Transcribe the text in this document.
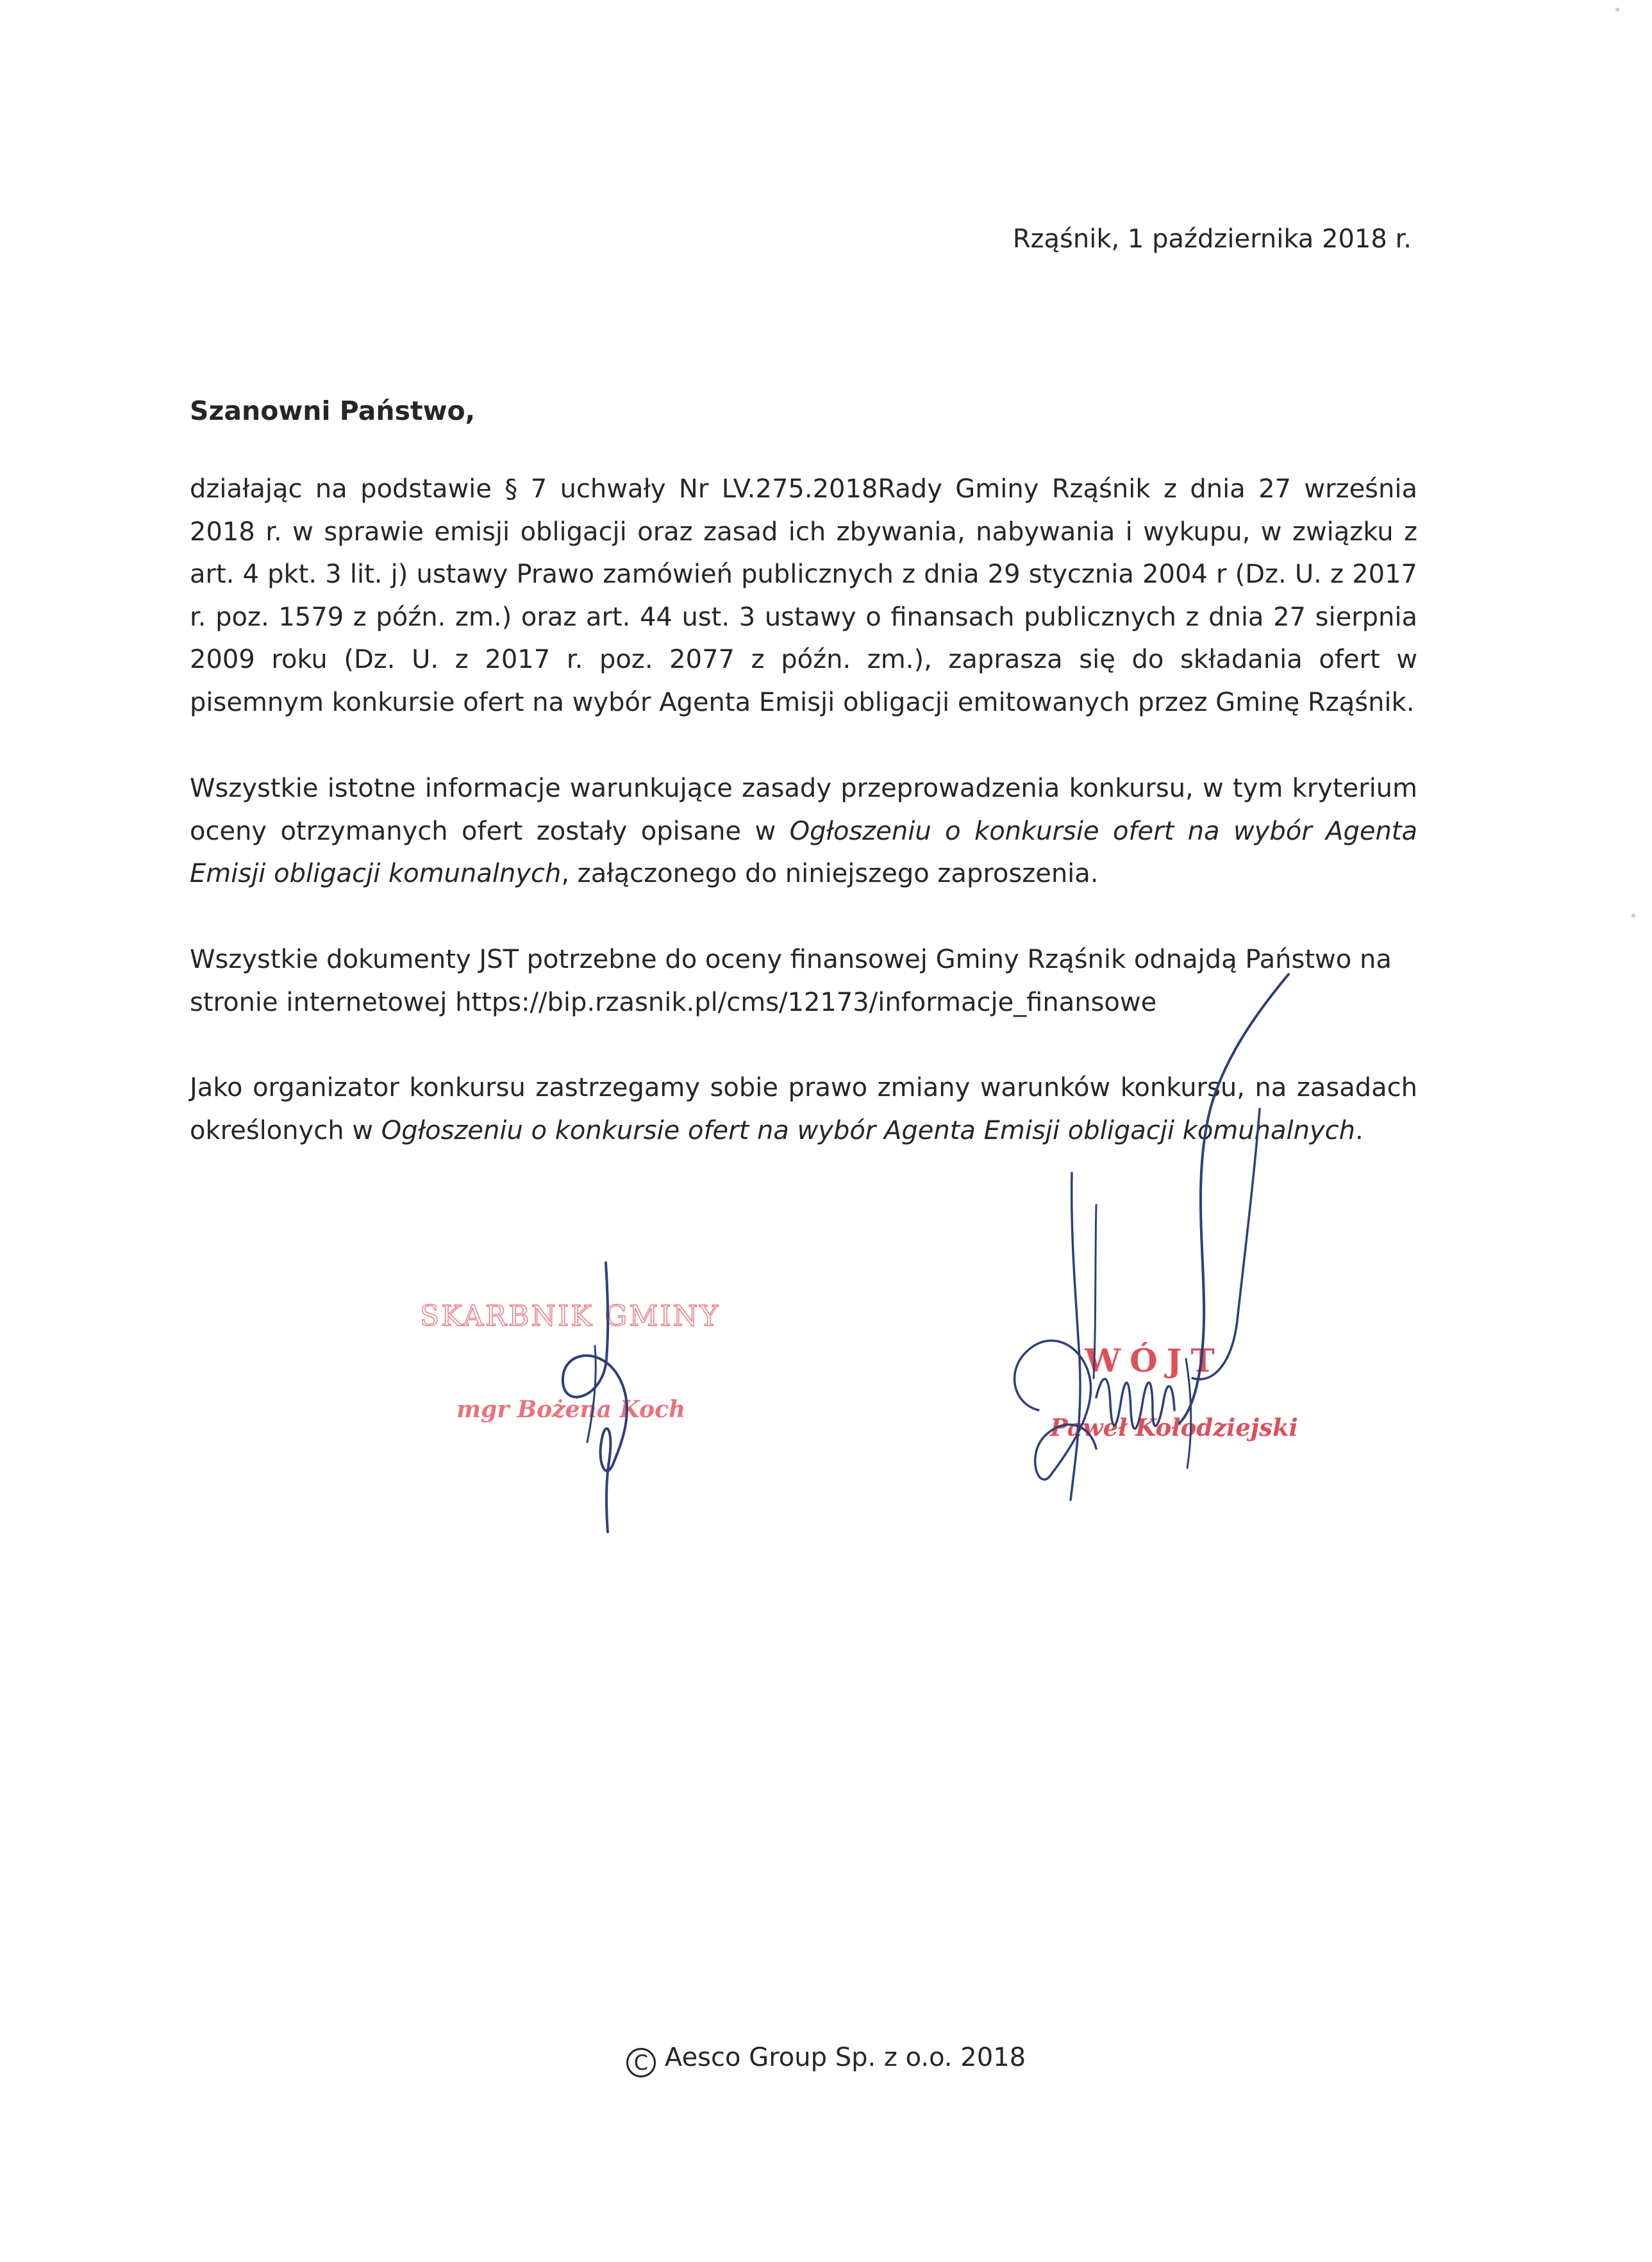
Rząśnik, 1 października 2018 r.
Szanowni Państwo,
działając na podstawie § 7 uchwały Nr LV.275.2018Rady Gminy Rząśnik z dnia 27 września 2018 r. w sprawie emisji obligacji oraz zasad ich zbywania, nabywania i wykupu, w związku z art. 4 pkt. 3 lit. j) ustawy Prawo zamówień publicznych z dnia 29 stycznia 2004 r (Dz. U. z 2017 r. poz. 1579 z późn. zm.) oraz art. 44 ust. 3 ustawy o finansach publicznych z dnia 27 sierpnia 2009 roku (Dz. U. z 2017 r. poz. 2077 z późn. zm.), zaprasza się do składania ofert w pisemnym konkursie ofert na wybór Agenta Emisji obligacji emitowanych przez Gminę Rząśnik.
Wszystkie istotne informacje warunkujące zasady przeprowadzenia konkursu, w tym kryterium oceny otrzymanych ofert zostały opisane w Ogłoszeniu o konkursie ofert na wybór Agenta Emisji obligacji komunalnych, załączonego do niniejszego zaproszenia.
Wszystkie dokumenty JST potrzebne do oceny finansowej Gminy Rząśnik odnajdą Państwo na
stronie internetowej https://bip.rzasnik.pl/cms/12173/informacje_finansowe
Jako organizator konkursu zastrzegamy sobie prawo zmiany warunków konkursu, na zasadach określonych w Ogłoszeniu o konkursie ofert na wybór Agenta Emisji obligacji komunalnych.
SKARBNIK GMINY
mgr Bożena Koch
WÓJT
Paweł Kołodziejski
C Aesco Group Sp. z o.o. 2018
